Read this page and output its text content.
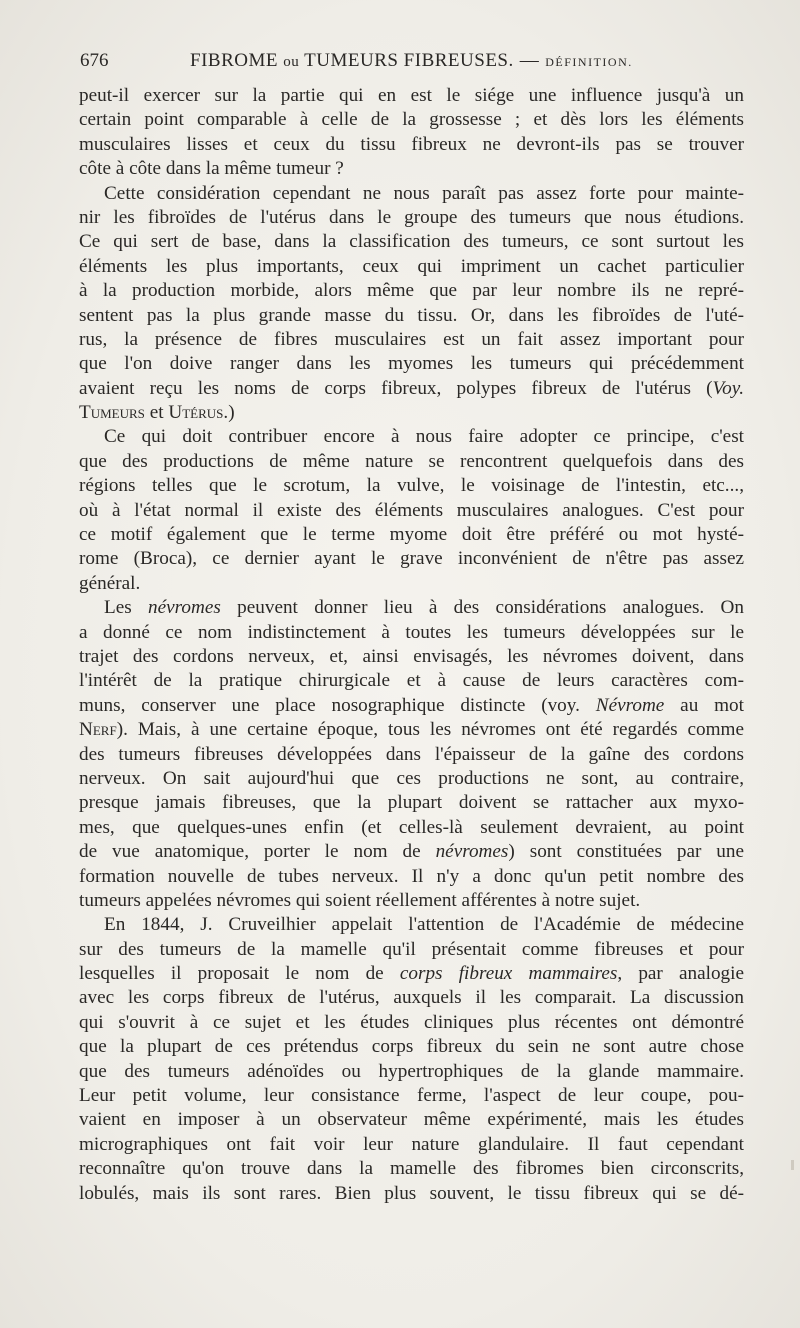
676	FIBROME ou TUMEURS FIBREUSES. — DÉFINITION.
peut-il exercer sur la partie qui en est le siége une influence jusqu'à un
certain point comparable à celle de la grossesse ; et dès lors les éléments
musculaires lisses et ceux du tissu fibreux ne devront-ils pas se trouver
côte à côte dans la même tumeur ?
Cette considération cependant ne nous paraît pas assez forte pour mainte-
nir les fibroïdes de l'utérus dans le groupe des tumeurs que nous étudions.
Ce qui sert de base, dans la classification des tumeurs, ce sont surtout les
éléments les plus importants, ceux qui impriment un cachet particulier
à la production morbide, alors même que par leur nombre ils ne repré-
sentent pas la plus grande masse du tissu. Or, dans les fibroïdes de l'uté-
rus, la présence de fibres musculaires est un fait assez important pour
que l'on doive ranger dans les myomes les tumeurs qui précédemment
avaient reçu les noms de corps fibreux, polypes fibreux de l'utérus (Voy.
Tumeurs et Utérus.)
Ce qui doit contribuer encore à nous faire adopter ce principe, c'est
que des productions de même nature se rencontrent quelquefois dans des
régions telles que le scrotum, la vulve, le voisinage de l'intestin, etc...,
où à l'état normal il existe des éléments musculaires analogues. C'est pour
ce motif également que le terme myome doit être préféré ou mot hysté-
rome (Broca), ce dernier ayant le grave inconvénient de n'être pas assez
général.
Les névromes peuvent donner lieu à des considérations analogues. On
a donné ce nom indistinctement à toutes les tumeurs développées sur le
trajet des cordons nerveux, et, ainsi envisagés, les névromes doivent, dans
l'intérêt de la pratique chirurgicale et à cause de leurs caractères com-
muns, conserver une place nosographique distincte (voy. Névrome au mot
Nerf). Mais, à une certaine époque, tous les névromes ont été regardés comme
des tumeurs fibreuses développées dans l'épaisseur de la gaîne des cordons
nerveux. On sait aujourd'hui que ces productions ne sont, au contraire,
presque jamais fibreuses, que la plupart doivent se rattacher aux myxo-
mes, que quelques-unes enfin (et celles-là seulement devraient, au point
de vue anatomique, porter le nom de névromes) sont constituées par une
formation nouvelle de tubes nerveux. Il n'y a donc qu'un petit nombre des
tumeurs appelées névromes qui soient réellement afférentes à notre sujet.
En 1844, J. Cruveilhier appelait l'attention de l'Académie de médecine
sur des tumeurs de la mamelle qu'il présentait comme fibreuses et pour
lesquelles il proposait le nom de corps fibreux mammaires, par analogie
avec les corps fibreux de l'utérus, auxquels il les comparait. La discussion
qui s'ouvrit à ce sujet et les études cliniques plus récentes ont démontré
que la plupart de ces prétendus corps fibreux du sein ne sont autre chose
que des tumeurs adénoïdes ou hypertrophiques de la glande mammaire.
Leur petit volume, leur consistance ferme, l'aspect de leur coupe, pou-
vaient en imposer à un observateur même expérimenté, mais les études
micrographiques ont fait voir leur nature glandulaire. Il faut cependant
reconnaître qu'on trouve dans la mamelle des fibromes bien circonscrits,
lobulés, mais ils sont rares. Bien plus souvent, le tissu fibreux qui se dé-
